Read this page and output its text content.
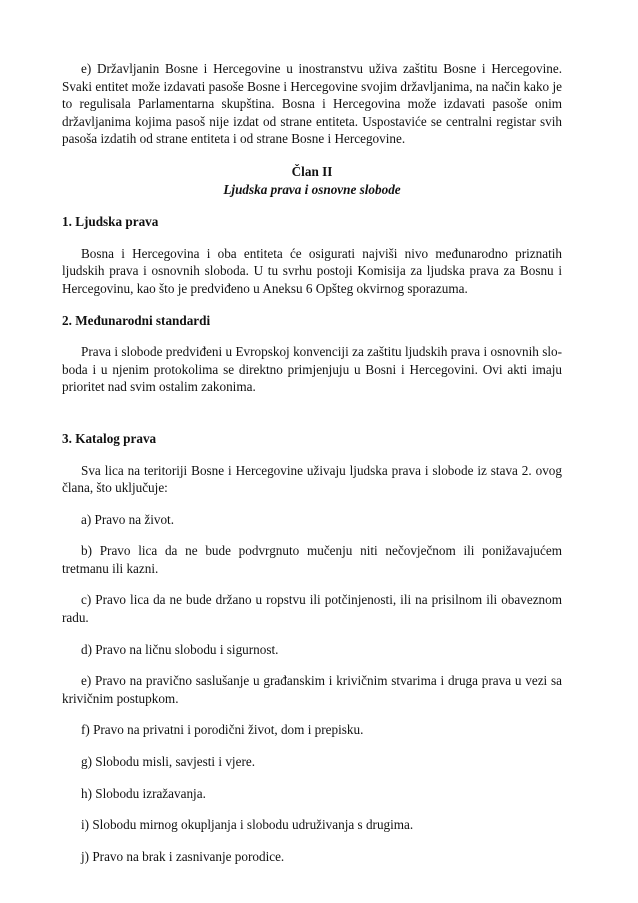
e) Državljanin Bosne i Hercegovine u inostranstvu uživa zaštitu Bosne i Hercegovine. Svaki entitet može izdavati pasoše Bosne i Hercegovine svojim državljanima, na način kako je to regulisala Parlamentarna skupština. Bosna i Hercegovina može izdavati pasoše onim državljanima kojima pasoš nije izdat od strane entiteta. Uspostaviće se centralni registar svih pasoša izdatih od strane entiteta i od strane Bosne i Hercegovine.

Član II

Ljudska prava i osnovne slobode

1. Ljudska prava

Bosna i Hercegovina i oba entiteta će osigurati najviši nivo međunarodno priznatih ljudskih prava i osnovnih sloboda. U tu svrhu postoji Komisija za ljudska prava za Bosnu i Hercegovinu, kao što je predviđeno u Aneksu 6 Opšteg okvirnog sporazuma.

2. Međunarodni standardi

Prava i slobode predviđeni u Evropskoj konvenciji za zaštitu ljudskih prava i osnovnih sloboda i u njenim protokolima se direktno primjenjuju u Bosni i Hercegovini. Ovi akti imaju prioritet nad svim ostalim zakonima.

3. Katalog prava

Sva lica na teritoriji Bosne i Hercegovine uživaju ljudska prava i slobode iz stava 2. ovog člana, što uključuje:

a) Pravo na život.

b) Pravo lica da ne bude podvrgnuto mučenju niti nečovječnom ili ponižavajućem tretmanu ili kazni.

c) Pravo lica da ne bude držano u ropstvu ili potčinjenosti, ili na prisilnom ili obaveznom radu.

d) Pravo na ličnu slobodu i sigurnost.

e) Pravo na pravično saslušanje u građanskim i krivičnim stvarima i druga prava u vezi sa krivičnim postupkom.

f) Pravo na privatni i porodični život, dom i prepisku.

g) Slobodu misli, savjesti i vjere.

h) Slobodu izražavanja.

i) Slobodu mirnog okupljanja i slobodu udruživanja s drugima.

j) Pravo na brak i zasnivanje porodice.
